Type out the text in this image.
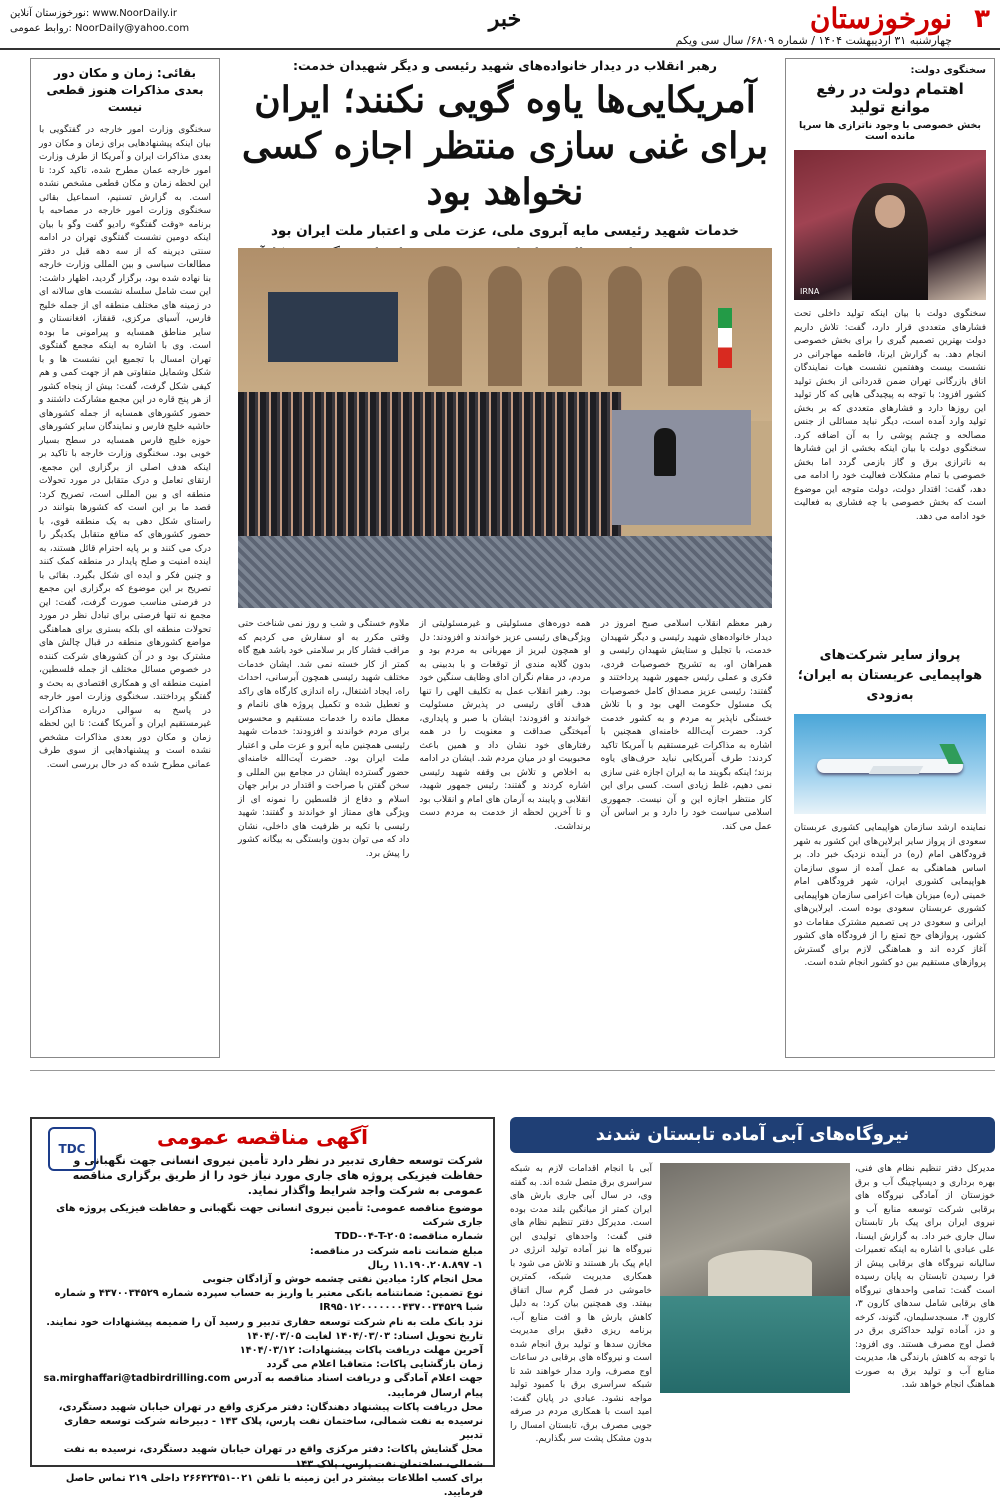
۳
نورخوزستان
چهارشنبه ۳۱ اردیبهشت ۱۴۰۴ / شماره ۶۸۰۹/ سال سی ویکم
خبر
نورخوزستان آنلاین: www.NoorDaily.ir
روابط عمومی: NoorDaily@yahoo.com
سخنگوی دولت:
اهتمام دولت در رفع موانع تولید
بخش خصوصی با وجود ناترازی ها سرپا مانده است
IRNA
سخنگوی دولت با بیان اینکه تولید داخلی تحت فشارهای متعددی قرار دارد، گفت: تلاش داریم دولت بهترین تصمیم گیری را برای بخش خصوصی انجام دهد. به گزارش ایرنا، فاطمه مهاجرانی در نشست بیست وهفتمین نشست هیات نمایندگان اتاق بازرگانی تهران ضمن قدردانی از بخش تولید کشور افزود: با توجه به پیچیدگی هایی که کار تولید این روزها دارد و فشارهای متعددی که بر بخش تولید وارد آمده است، دیگر نباید مسائلی از جنس مصالحه و چشم پوشی را به آن اضافه کرد. سخنگوی دولت با بیان اینکه بخشی از این فشارها به ناترازی برق و گاز بازمی گردد اما بخش خصوصی با تمام مشکلات فعالیت خود را ادامه می دهد، گفت: اقتدار دولت، دولت متوجه این موضوع است که بخش خصوصی با چه فشاری به فعالیت خود ادامه می دهد.
پرواز سایر شرکت‌های هواپیمایی عربستان به ایران؛ به‌زودی
نماینده ارشد سازمان هواپیمایی کشوری عربستان سعودی از پرواز سایر ایرلاین‌های این کشور به شهر فرودگاهی امام (ره) در آینده نزدیک خبر داد. بر اساس هماهنگی به عمل آمده از سوی سازمان هواپیمایی کشوری ایران، شهر فرودگاهی امام خمینی (ره) میزبان هیات اعزامی سازمان هواپیمایی کشوری عربستان سعودی بوده است. ایرلاین‌های ایرانی و سعودی در پی تصمیم مشترک مقامات دو کشور، پروازهای حج تمتع را از فرودگاه های کشور آغاز کرده اند و هماهنگی لازم برای گسترش پروازهای مستقیم بین دو کشور انجام شده است.
رهبر انقلاب در دیدار خانواده‌های شهید رئیسی و دیگر شهیدان خدمت:
آمریکایی‌ها یاوه گویی نکنند؛ ایران برای غنی سازی منتظر اجازه کسی نخواهد بود
خدمات شهید رئیسی مایه آبروی ملی، عزت ملی و اعتبار ملت ایران بود
رهبر معظم انقلاب اسلامی صبح امروز در دیدار خانواده‌های شهید رئیسی و دیگر شهیدان خدمت، با تجلیل و ستایش شهیدان رئیسی و همراهان او، به تشریح خصوصیات فردی، فکری و عملی رئیس جمهور شهید پرداختند و گفتند: رئیسی عزیز مصداق کامل خصوصیات یک مسئول حکومت الهی بود و با تلاش خستگی ناپذیر به مردم و به کشور خدمت کرد. حضرت آیت‌الله خامنه‌ای همچنین با اشاره به مذاکرات غیرمستقیم با آمریکا تاکید کردند: طرف آمریکایی نباید حرف‌های یاوه بزند؛ اینکه بگویند ما به ایران اجازه غنی سازی نمی دهیم، غلط زیادی است. کسی برای این کار منتظر اجازه این و آن نیست. جمهوری اسلامی سیاست خود را دارد و بر اساس آن عمل می کند.
همه دوره‌های مسئولیتی و غیرمسئولیتی از ویژگی‌های رئیسی عزیز خواندند و افزودند: دل او همچون لبریز از مهربانی به مردم بود و بدون گلایه مندی از توقعات و با بدبینی به مردم، در مقام نگران ادای وظایف سنگین خود بود. رهبر انقلاب عمل به تکلیف الهی را تنها هدف آقای رئیسی در پذیرش مسئولیت خواندند و افزودند: ایشان با صبر و پایداری، آمیختگی صداقت و معنویت را در همه رفتارهای خود نشان داد و همین باعث محبوبیت او در میان مردم شد. ایشان در ادامه به اخلاص و تلاش بی وقفه شهید رئیسی اشاره کردند و گفتند: رئیس جمهور شهید، انقلابی و پایبند به آرمان های امام و انقلاب بود و تا آخرین لحظه از خدمت به مردم دست برنداشت.
ملاوم خستگی و شب و روز نمی شناخت حتی وقتی مکرر به او سفارش می کردیم که مراقب فشار کار بر سلامتی خود باشد هیچ گاه کمتر از کار خسته نمی شد. ایشان خدمات مختلف شهید رئیسی همچون آبرسانی، احداث راه، ایجاد اشتغال، راه اندازی کارگاه های راکد و تعطیل شده و تکمیل پروژه های ناتمام و معطل مانده را خدمات مستقیم و محسوس برای مردم خواندند و افزودند: خدمات شهید رئیسی همچنین مایه آبرو و عزت ملی و اعتبار ملت ایران بود. حضرت آیت‌الله خامنه‌ای حضور گسترده ایشان در مجامع بین المللی و سخن گفتن با صراحت و اقتدار در برابر جهان اسلام و دفاع از فلسطین را نمونه ای از ویژگی های ممتاز او خواندند و گفتند: شهید رئیسی با تکیه بر ظرفیت های داخلی، نشان داد که می توان بدون وابستگی به بیگانه کشور را پیش برد.
بقائی: زمان و مکان دور بعدی مذاکرات هنوز قطعی نیست
سخنگوی وزارت امور خارجه در گفتگویی با بیان اینکه پیشنهادهایی برای زمان و مکان دور بعدی مذاکرات ایران و آمریکا از طرف وزارت امور خارجه عمان مطرح شده، تاکید کرد: تا این لحظه زمان و مکان قطعی مشخص نشده است. به گزارش تسنیم، اسماعیل بقائی سخنگوی وزارت امور خارجه در مصاحبه با برنامه «وقت گفتگو» رادیو گفت وگو با بیان اینکه دومین نشست گفتگوی تهران در ادامه سنتی دیرینه که از سه دهه قبل در دفتر مطالعات سیاسی و بین المللی وزارت خارجه بنا نهاده شده بود، برگزار گردید، اظهار داشت: این ست شامل سلسله نشست های سالانه ای در زمینه های مختلف منطقه ای از جمله خلیج فارس، آسیای مرکزی، قفقاز، افغانستان و سایر مناطق همسایه و پیرامونی ما بوده است. وی با اشاره به اینکه مجمع گفتگوی تهران امسال با تجمیع این نشست ها و با شکل وشمایل متفاوتی هم از جهت کمی و هم کیفی شکل گرفت، گفت: بیش از پنجاه کشور از هر پنج قاره در این مجمع مشارکت داشتند و حضور کشورهای همسایه از جمله کشورهای حاشیه خلیج فارس و نمایندگان سایر کشورهای حوزه خلیج فارس همسایه در سطح بسیار خوبی بود. سخنگوی وزارت خارجه با تاکید بر اینکه هدف اصلی از برگزاری این مجمع، ارتقای تعامل و درک متقابل در مورد تحولات منطقه ای و بین المللی است، تصریح کرد: قصد ما بر این است که کشورها بتوانند در راستای شکل دهی به یک منطقه قوی، با حضور کشورهای که منافع متقابل یکدیگر را درک می کنند و بر پایه احترام قائل هستند، به اینده امنیت و صلح پایدار در منطقه کمک کنند و چنین فکر و ایده ای شکل بگیرد. بقائی با تصریح بر این موضوع که برگزاری این مجمع در فرصتی مناسب صورت گرفت، گفت: این مجمع نه تنها فرصتی برای تبادل نظر در مورد تحولات منطقه ای بلکه بستری برای هماهنگی مواضع کشورهای منطقه در قبال چالش های مشترک بود و در آن کشورهای شرکت کننده در خصوص مسائل مختلف از جمله فلسطین، امنیت منطقه ای و همکاری اقتصادی به بحث و گفتگو پرداختند. سخنگوی وزارت امور خارجه در پاسخ به سوالی درباره مذاکرات غیرمستقیم ایران و آمریکا گفت: تا این لحظه زمان و مکان دور بعدی مذاکرات مشخص نشده است و پیشنهادهایی از سوی طرف عمانی مطرح شده که در حال بررسی است.
TDC	آگهی مناقصه عمومی
شرکت توسعه حفاری تدبیر در نظر دارد تأمین نیروی انسانی جهت نگهبانی و حفاظت فیزیکی پروژه های جاری مورد نیاز خود را از طریق برگزاری مناقصه عمومی به شرکت واجد شرایط واگذار نماید.
موضوع مناقصه عمومی: تأمین نیروی انسانی جهت نگهبانی و حفاظت فیزیکی پروژه های جاری شرکت
شماره مناقصه: TDD-۰۴-T-۲۰۵
مبلغ ضمانت نامه شرکت در مناقصه:
۱- ۱۱.۱۹۰.۲۰۸.۸۹۷ ریال
محل انجام کار: میادین نفتی چشمه خوش و آزادگان جنوبی
نوع تضمین: ضمانتنامه بانکی معتبر یا واریز به حساب سپرده شماره ۴۳۷۰۰۳۴۵۲۹ و شماره شبا IR۹۵۰۱۲۰۰۰۰۰۰۰۴۳۷۰۰۳۴۵۲۹
نزد بانک ملت به نام شرکت توسعه حفاری تدبیر و رسید آن را ضمیمه پیشنهادات خود نمایند.
تاریخ تحویل اسناد: ۱۴۰۴/۰۳/۰۳ لغایت ۱۴۰۴/۰۳/۰۵
آخرین مهلت دریافت پاکات پیشنهادات: ۱۴۰۴/۰۳/۱۲
زمان بازگشایی پاکات: متعاقبا اعلام می گردد
جهت اعلام آمادگی و دریافت اسناد مناقصه به آدرس sa.mirghaffari@tadbirdrilling.com پیام ارسال فرمایید.
محل دریافت پاکات پیشنهاد دهندگان: دفتر مرکزی واقع در تهران خیابان شهید دستگردی، نرسیده به نفت شمالی، ساختمان نفت پارس، پلاک ۱۴۳ - دبیرخانه شرکت توسعه حفاری تدبیر
محل گشایش پاکات: دفتر مرکزی واقع در تهران خیابان شهید دستگردی، نرسیده به نفت شمالی، ساختمان نفت پارس، پلاک ۱۴۳
برای کسب اطلاعات بیشتر در این زمینه با تلفن ۰۲۱-۲۶۶۴۲۴۵۱ داخلی ۲۱۹ تماس حاصل فرمایید.
نیروگاه‌های آبی آماده تابستان شدند
مدیرکل دفتر تنظیم نظام های فنی، بهره برداری و دیسپاچینگ آب و برق خوزستان از آمادگی نیروگاه های برقابی شرکت توسعه منابع آب و نیروی ایران برای پیک بار تابستان سال جاری خبر داد. به گزارش ایسنا، علی عبادی با اشاره به اینکه تعمیرات سالیانه نیروگاه های برقابی پیش از فرا رسیدن تابستان به پایان رسیده است گفت: تمامی واحدهای نیروگاه های برقابی شامل سدهای کارون ۳، کارون ۴، مسجدسلیمان، گتوند، کرخه و دز، آماده تولید حداکثری برق در فصل اوج مصرف هستند. وی افزود: با توجه به کاهش بارندگی ها، مدیریت منابع آب و تولید برق به صورت هماهنگ انجام خواهد شد.
آبی با انجام اقدامات لازم به شبکه سراسری برق متصل شده اند. به گفته وی، در سال آبی جاری بارش های ایران کمتر از میانگین بلند مدت بوده است. مدیرکل دفتر تنظیم نظام های فنی گفت: واحدهای تولیدی این نیروگاه ها نیز آماده تولید انرژی در ایام پیک بار هستند و تلاش می شود با همکاری مدیریت شبکه، کمترین خاموشی در فصل گرم سال اتفاق بیفتد. وی همچنین بیان کرد: به دلیل کاهش بارش ها و افت منابع آب، برنامه ریزی دقیق برای مدیریت مخازن سدها و تولید برق انجام شده است و نیروگاه های برقابی در ساعات اوج مصرف، وارد مدار خواهند شد تا شبکه سراسری برق با کمبود تولید مواجه نشود. عبادی در پایان گفت: امید است با همکاری مردم در صرفه جویی مصرف برق، تابستان امسال را بدون مشکل پشت سر بگذاریم.
